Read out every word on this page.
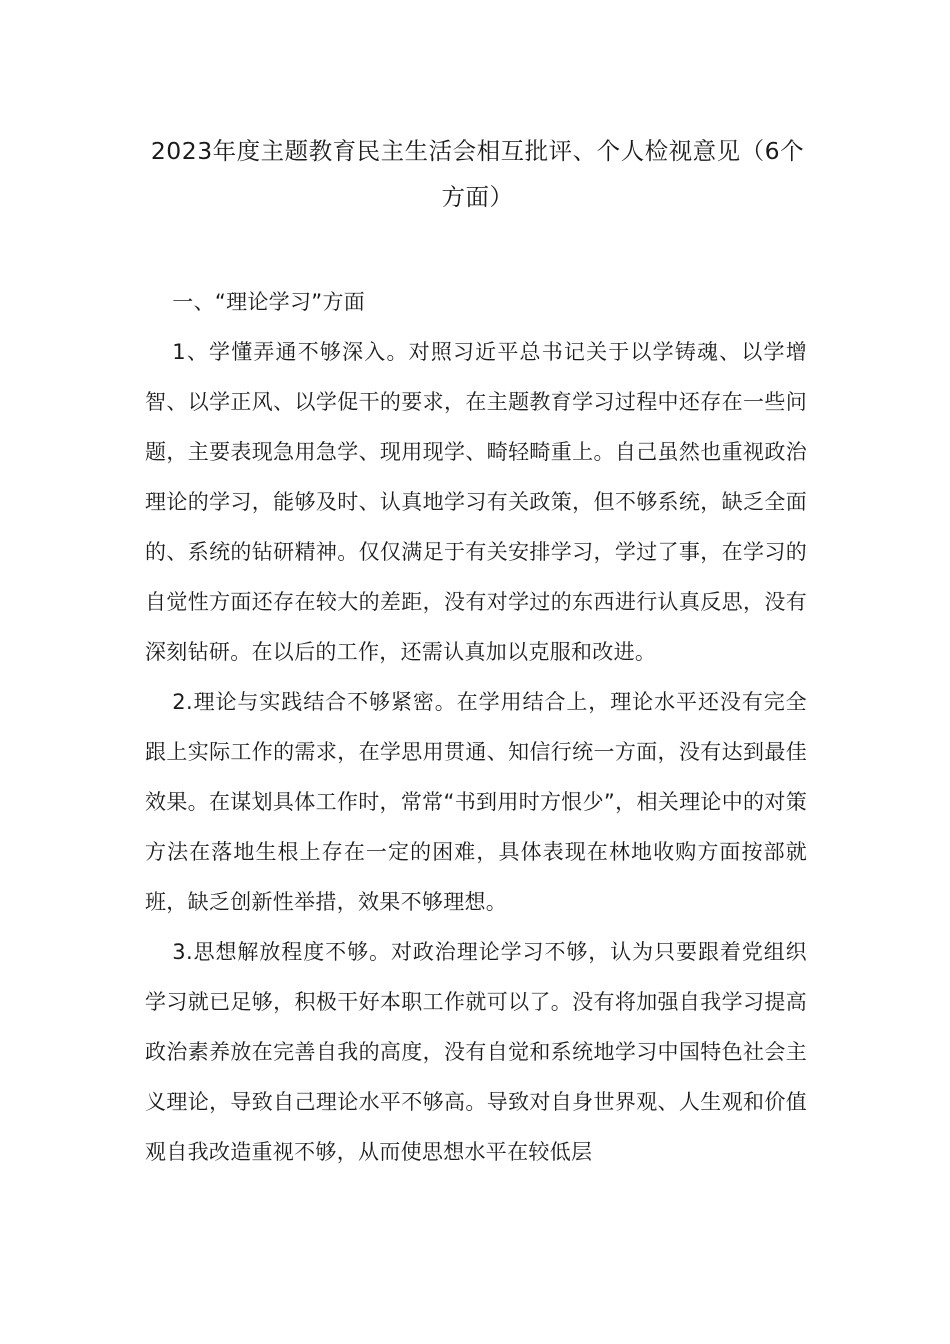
2023年度主题教育民主生活会相互批评、个人检视意见（6个方面）

一、“理论学习”方面

1、学懂弄通不够深入。对照习近平总书记关于以学铸魂、以学增智、以学正风、以学促干的要求，在主题教育学习过程中还存在一些问题，主要表现急用急学、现用现学、畸轻畸重上。自己虽然也重视政治理论的学习，能够及时、认真地学习有关政策，但不够系统，缺乏全面的、系统的钻研精神。仅仅满足于有关安排学习，学过了事，在学习的自觉性方面还存在较大的差距，没有对学过的东西进行认真反思，没有深刻钻研。在以后的工作，还需认真加以克服和改进。

2.理论与实践结合不够紧密。在学用结合上，理论水平还没有完全跟上实际工作的需求，在学思用贯通、知信行统一方面，没有达到最佳效果。在谋划具体工作时，常常“书到用时方恨少”，相关理论中的对策方法在落地生根上存在一定的困难，具体表现在林地收购方面按部就班，缺乏创新性举措，效果不够理想。

3.思想解放程度不够。对政治理论学习不够，认为只要跟着党组织学习就已足够，积极干好本职工作就可以了。没有将加强自我学习提高政治素养放在完善自我的高度，没有自觉和系统地学习中国特色社会主义理论，导致自己理论水平不够高。导致对自身世界观、人生观和价值观自我改造重视不够，从而使思想水平在较低层
